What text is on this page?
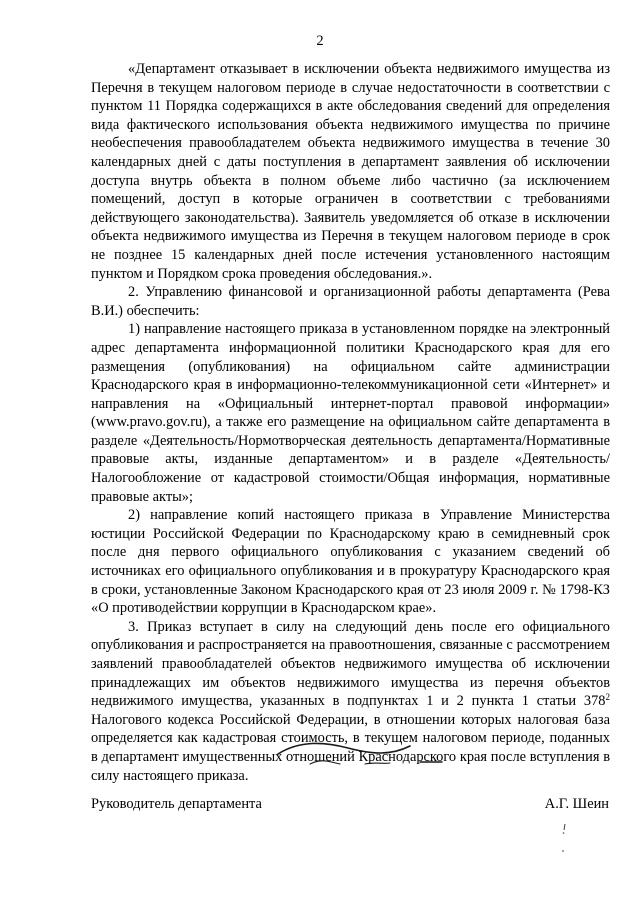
2

«Департамент отказывает в исключении объекта недвижимого имущества из Перечня в текущем налоговом периоде в случае недостаточности в соответствии с пунктом 11 Порядка содержащихся в акте обследования сведений для определения вида фактического использования объекта недвижимого имущества по причине необеспечения правообладателем объекта недвижимого имущества в течение 30 календарных дней с даты поступления в департамент заявления об исключении доступа внутрь объекта в полном объеме либо частично (за исключением помещений, доступ в которые ограничен в соответствии с требованиями действующего законодательства). Заявитель уведомляется об отказе в исключении объекта недвижимого имущества из Перечня в текущем налоговом периоде в срок не позднее 15 календарных дней после истечения установленного настоящим пунктом и Порядком срока проведения обследования.».

2. Управлению финансовой и организационной работы департамента (Рева В.И.) обеспечить:

1) направление настоящего приказа в установленном порядке на электронный адрес департамента информационной политики Краснодарского края для его размещения (опубликования) на официальном сайте администрации Краснодарского края в информационно-телекоммуникационной сети «Интернет» и направления на «Официальный интернет-портал правовой информации» (www.pravo.gov.ru), а также его размещение на официальном сайте департамента в разделе «Деятельность/Нормотворческая деятельность департамента/Нормативные правовые акты, изданные департаментом» и в разделе «Деятельность/Налогообложение от кадастровой стоимости/Общая информация, нормативные правовые акты»;

2) направление копий настоящего приказа в Управление Министерства юстиции Российской Федерации по Краснодарскому краю в семидневный срок после дня первого официального опубликования с указанием сведений об источниках его официального опубликования и в прокуратуру Краснодарского края в сроки, установленные Законом Краснодарского края от 23 июля 2009 г. № 1798-КЗ «О противодействии коррупции в Краснодарском крае».

3. Приказ вступает в силу на следующий день после его официального опубликования и распространяется на правоотношения, связанные с рассмотрением заявлений правообладателей объектов недвижимого имущества об исключении принадлежащих им объектов недвижимого имущества из перечня объектов недвижимого имущества, указанных в подпунктах 1 и 2 пункта 1 статьи $378^2$ Налогового кодекса Российской Федерации, в отношении которых налоговая база определяется как кадастровая стоимость, в текущем налоговом периоде, поданных в департамент имущественных отношений Краснодарского края после вступления в силу настоящего приказа.

Руководитель департамента	А.Г. Шеин
